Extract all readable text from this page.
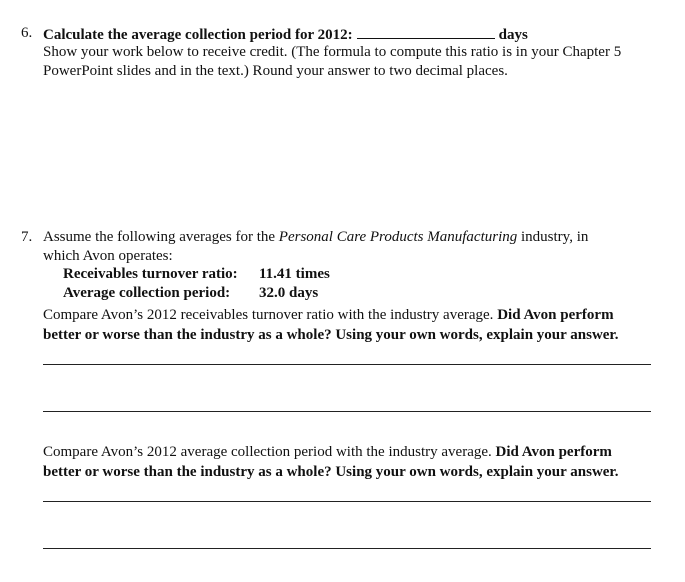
6. Calculate the average collection period for 2012:	days
Show your work below to receive credit. (The formula to compute this ratio is in your Chapter 5
PowerPoint slides and in the text.) Round your answer to two decimal places.
7. Assume the following averages for the Personal Care Products Manufacturing industry, in
which Avon operates:
Receivables turnover ratio: 11.41 times
Average collection period: 32.0 days
Compare Avon’s 2012 receivables turnover ratio with the industry average. Did Avon perform
better or worse than the industry as a whole? Using your own words, explain your answer.
Compare Avon’s 2012 average collection period with the industry average. Did Avon perform
better or worse than the industry as a whole? Using your own words, explain your answer.
